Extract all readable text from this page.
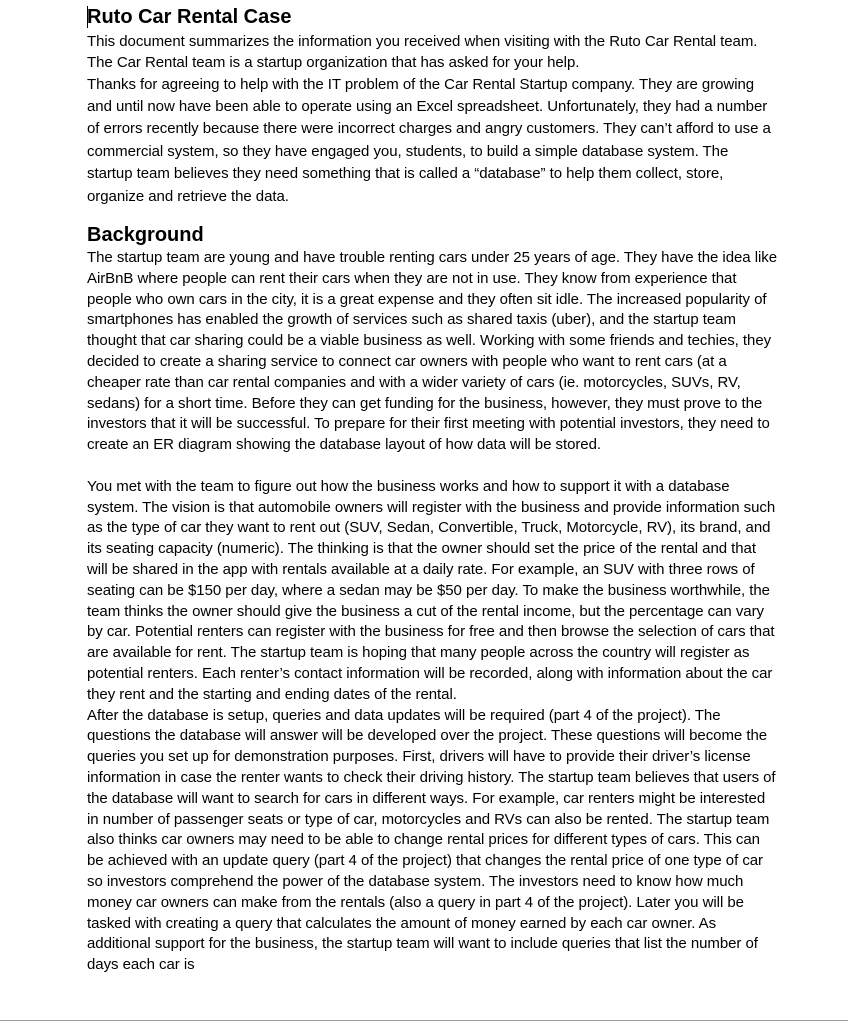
Ruto Car Rental Case

This document summarizes the information you received when visiting with the Ruto Car Rental team. The Car Rental team is a startup organization that has asked for your help.

Thanks for agreeing to help with the IT problem of the Car Rental Startup company. They are growing and until now have been able to operate using an Excel spreadsheet. Unfortunately, they had a number of errors recently because there were incorrect charges and angry customers. They can’t afford to use a commercial system, so they have engaged you, students, to build a simple database system. The startup team believes they need something that is called a “database” to help them collect, store, organize and retrieve the data.

Background

The startup team are young and have trouble renting cars under 25 years of age. They have the idea like AirBnB where people can rent their cars when they are not in use. They know from experience that people who own cars in the city, it is a great expense and they often sit idle. The increased popularity of smartphones has enabled the growth of services such as shared taxis (uber), and the startup team thought that car sharing could be a viable business as well. Working with some friends and techies, they decided to create a sharing service to connect car owners with people who want to rent cars (at a cheaper rate than car rental companies and with a wider variety of cars (ie. motorcycles, SUVs, RV, sedans) for a short time. Before they can get funding for the business, however, they must prove to the investors that it will be successful. To prepare for their first meeting with potential investors, they need to create an ER diagram showing the database layout of how data will be stored.

You met with the team to figure out how the business works and how to support it with a database system. The vision is that automobile owners will register with the business and provide information such as the type of car they want to rent out (SUV, Sedan, Convertible, Truck, Motorcycle, RV), its brand, and its seating capacity (numeric). The thinking is that the owner should set the price of the rental and that will be shared in the app with rentals available at a daily rate. For example, an SUV with three rows of seating can be $150 per day, where a sedan may be $50 per day. To make the business worthwhile, the team thinks the owner should give the business a cut of the rental income, but the percentage can vary by car. Potential renters can register with the business for free and then browse the selection of cars that are available for rent. The startup team is hoping that many people across the country will register as potential renters. Each renter’s contact information will be recorded, along with information about the car they rent and the starting and ending dates of the rental.

After the database is setup, queries and data updates will be required (part 4 of the project). The questions the database will answer will be developed over the project. These questions will become the queries you set up for demonstration purposes. First, drivers will have to provide their driver’s license information in case the renter wants to check their driving history. The startup team believes that users of the database will want to search for cars in different ways. For example, car renters might be interested in number of passenger seats or type of car, motorcycles and RVs can also be rented. The startup team also thinks car owners may need to be able to change rental prices for different types of cars. This can be achieved with an update query (part 4 of the project) that changes the rental price of one type of car so investors comprehend the power of the database system. The investors need to know how much money car owners can make from the rentals (also a query in part 4 of the project). Later you will be tasked with creating a query that calculates the amount of money earned by each car owner. As additional support for the business, the startup team will want to include queries that list the number of days each car is
